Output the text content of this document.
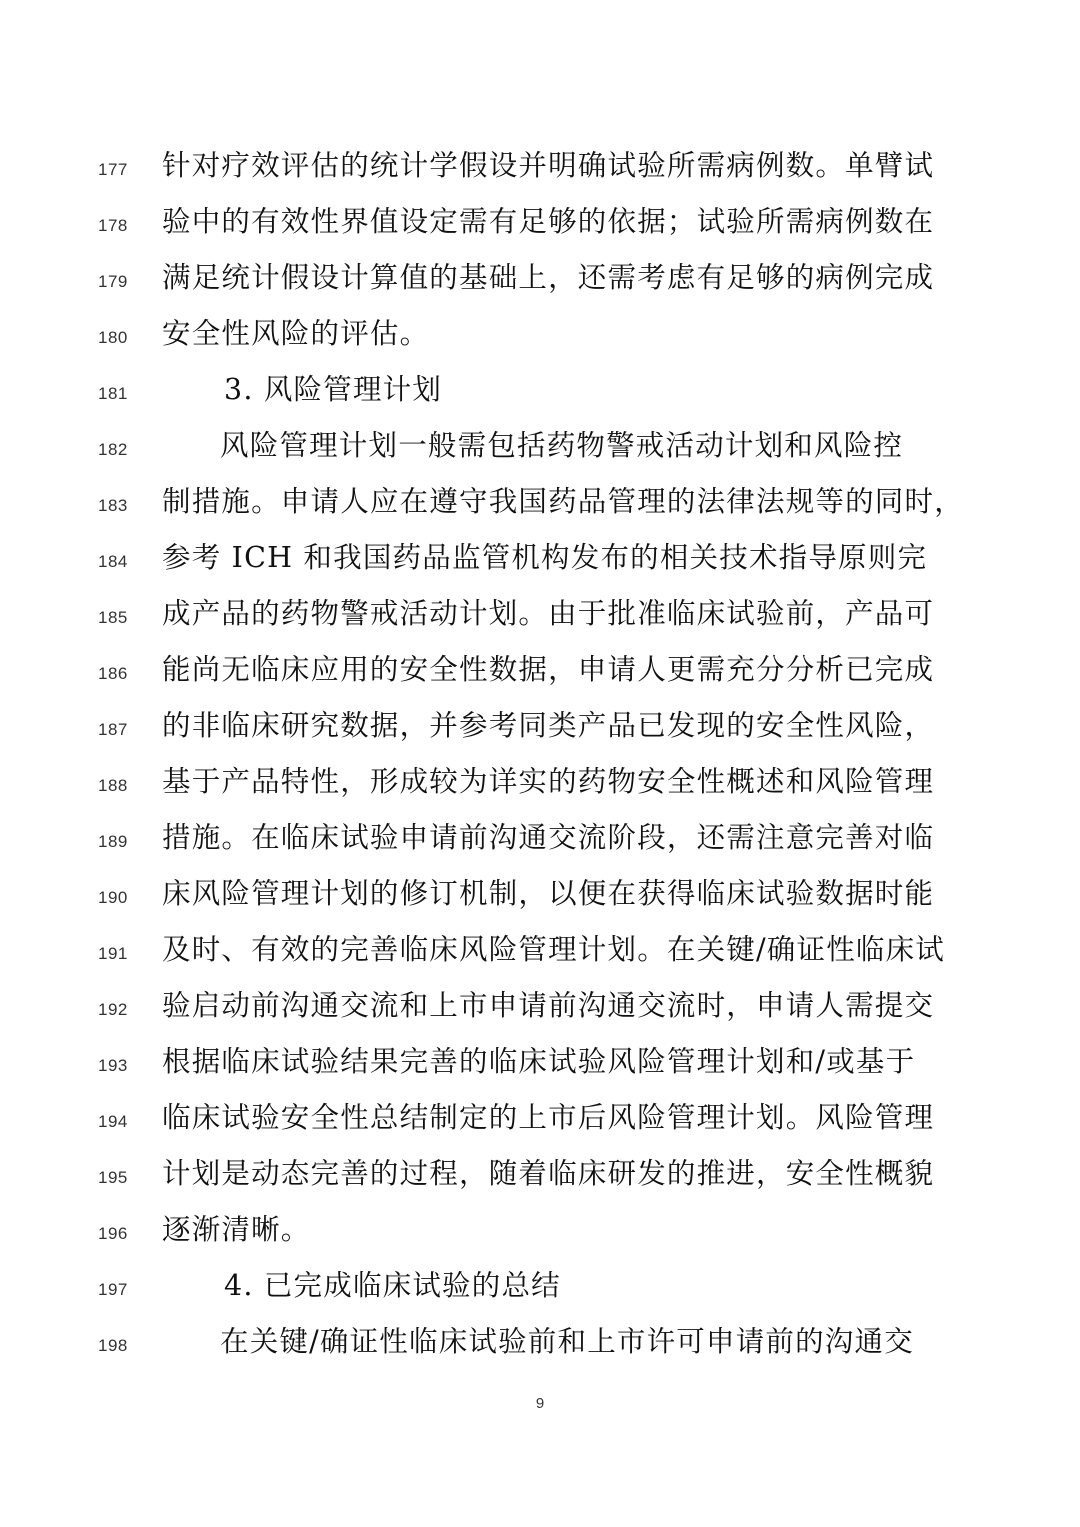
177	针对疗效评估的统计学假设并明确试验所需病例数。单臂试
178	验中的有效性界值设定需有足够的依据；试验所需病例数在
179	满足统计假设计算值的基础上，还需考虑有足够的病例完成
180	安全性风险的评估。
181	3. 风险管理计划
182	风险管理计划一般需包括药物警戒活动计划和风险控
183	制措施。申请人应在遵守我国药品管理的法律法规等的同时，
184	参考 ICH 和我国药品监管机构发布的相关技术指导原则完
185	成产品的药物警戒活动计划。由于批准临床试验前，产品可
186	能尚无临床应用的安全性数据，申请人更需充分分析已完成
187	的非临床研究数据，并参考同类产品已发现的安全性风险，
188	基于产品特性，形成较为详实的药物安全性概述和风险管理
189	措施。在临床试验申请前沟通交流阶段，还需注意完善对临
190	床风险管理计划的修订机制，以便在获得临床试验数据时能
191	及时、有效的完善临床风险管理计划。在关键/确证性临床试
192	验启动前沟通交流和上市申请前沟通交流时，申请人需提交
193	根据临床试验结果完善的临床试验风险管理计划和/或基于
194	临床试验安全性总结制定的上市后风险管理计划。风险管理
195	计划是动态完善的过程，随着临床研发的推进，安全性概貌
196	逐渐清晰。
197	4. 已完成临床试验的总结
198	在关键/确证性临床试验前和上市许可申请前的沟通交
9
